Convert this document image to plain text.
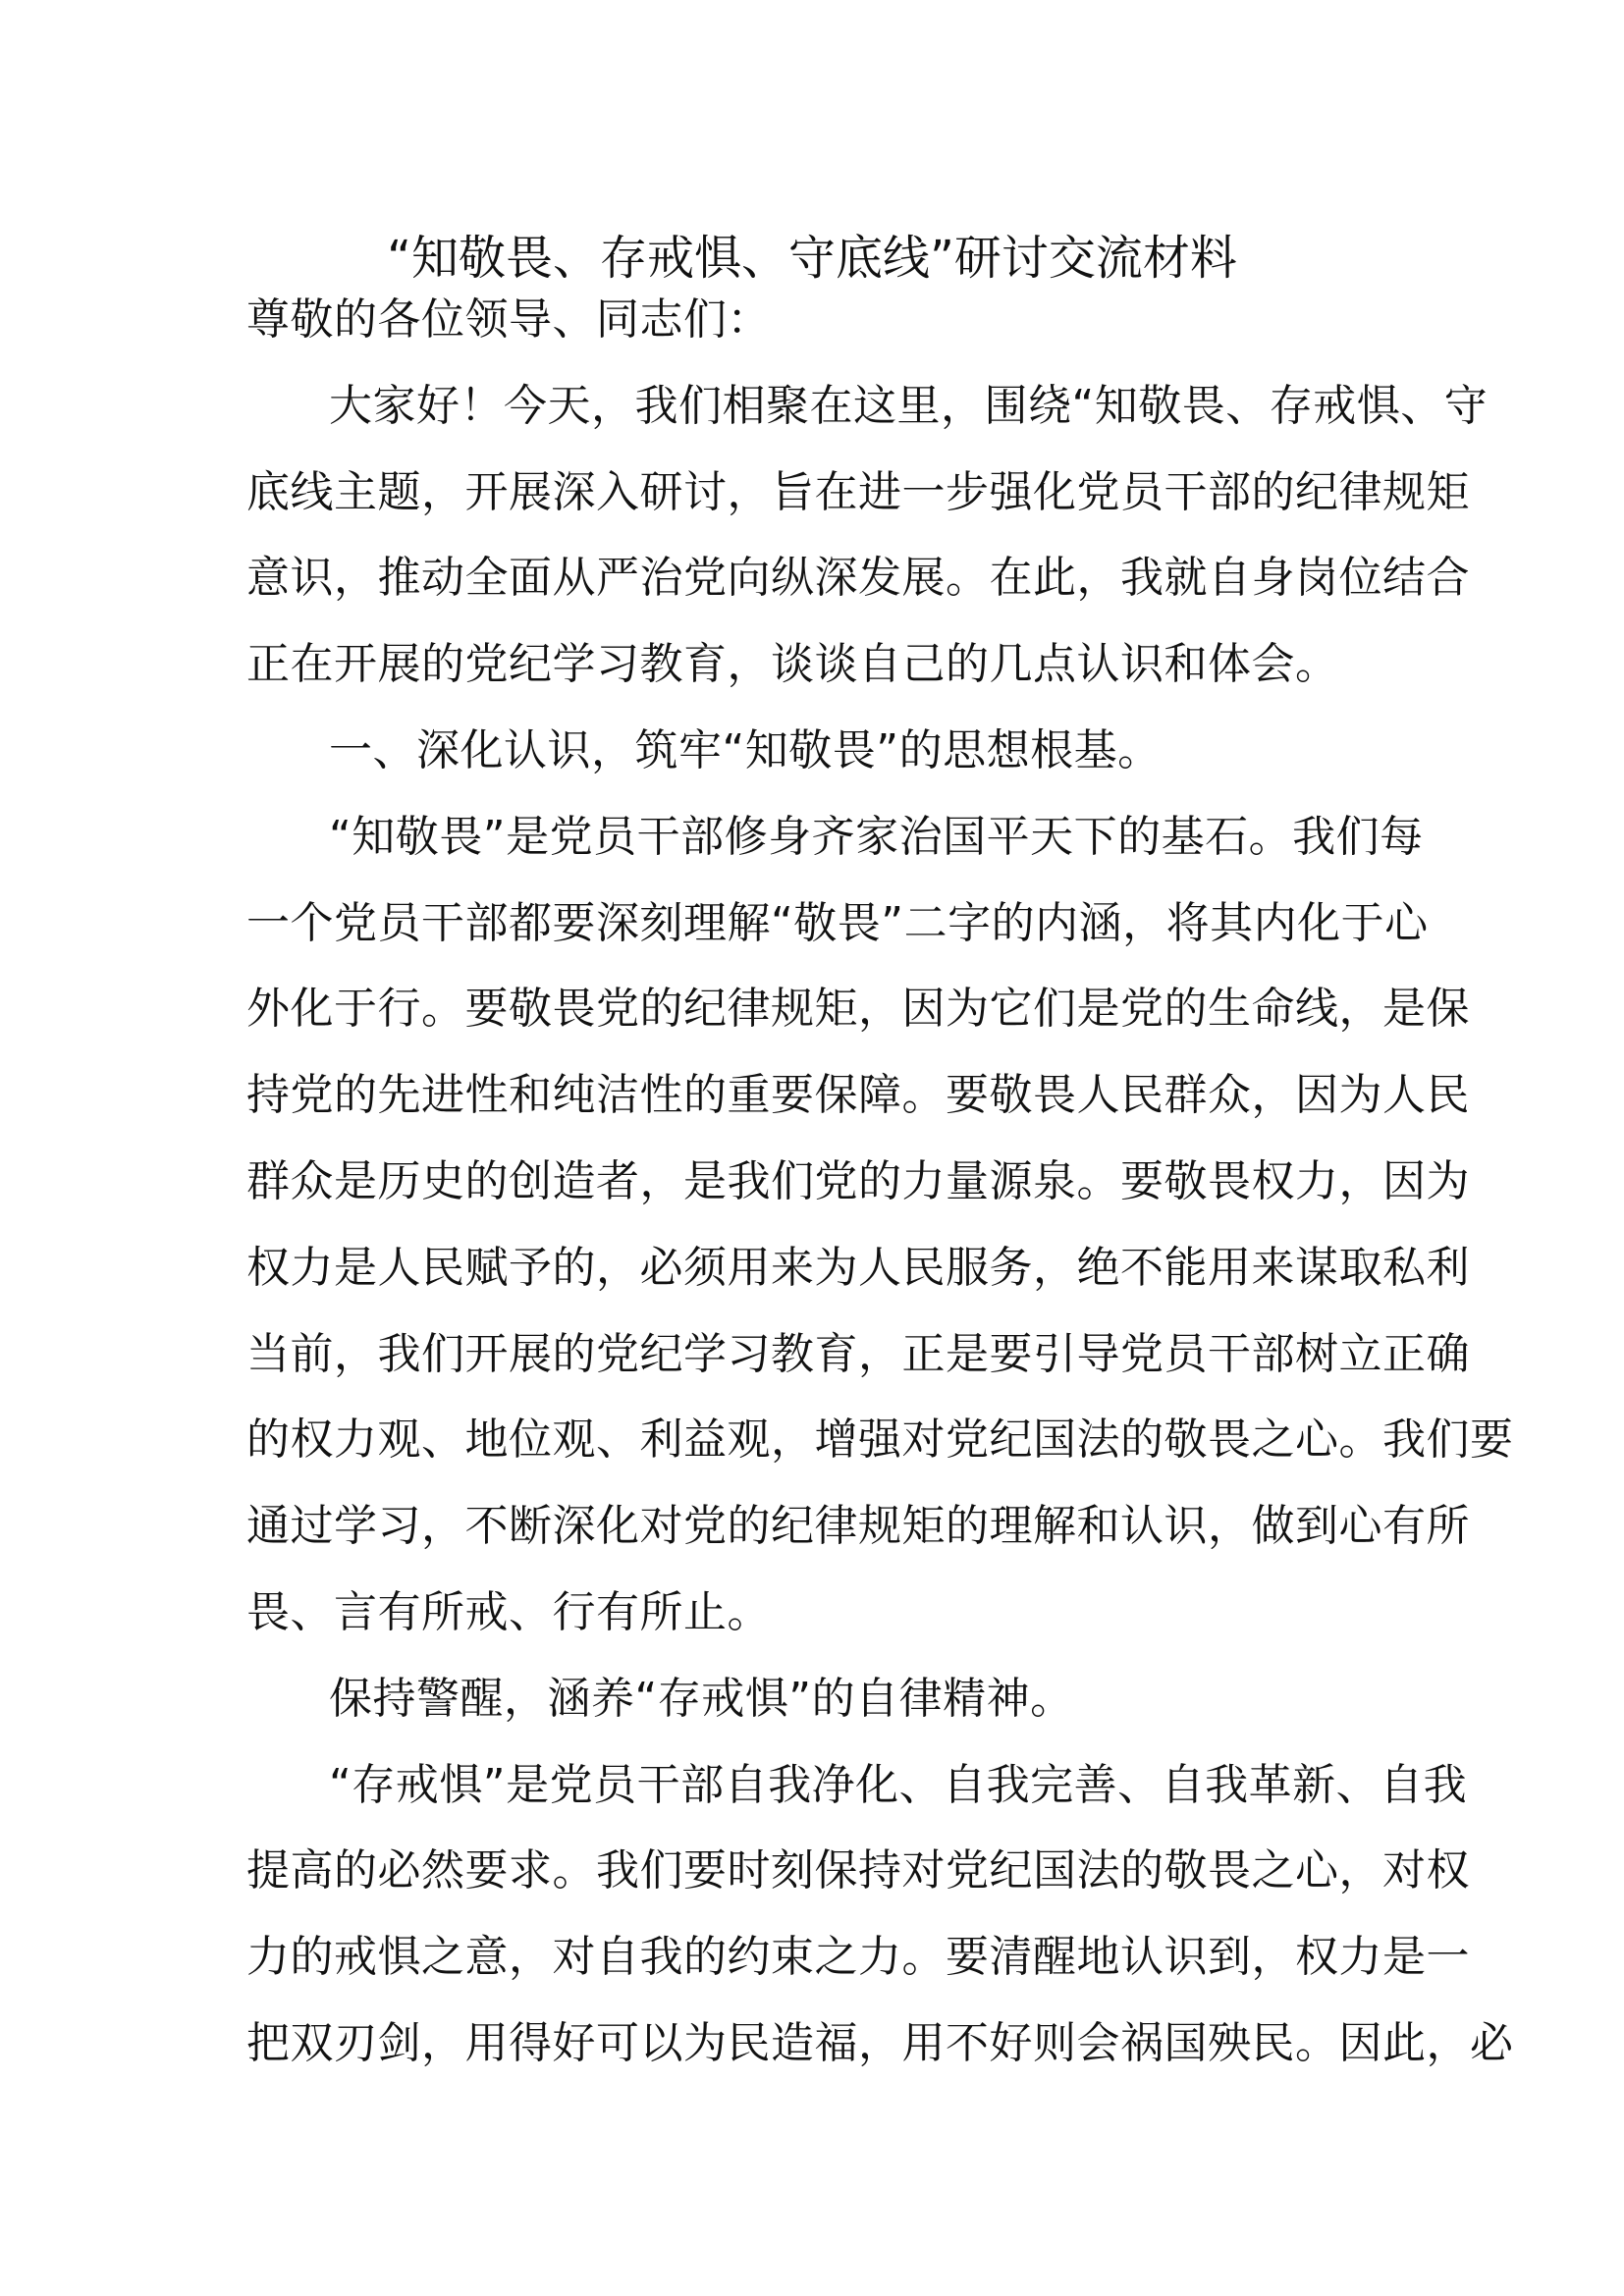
“知敬畏、存戒惧、守底线”研讨交流材料
尊敬的各位领导、同志们：
大家好！今天，我们相聚在这里，围绕“知敬畏、存戒惧、守
底线主题，开展深入研讨，旨在进一步强化党员干部的纪律规矩
意识，推动全面从严治党向纵深发展。在此，我就自身岗位结合
正在开展的党纪学习教育，谈谈自己的几点认识和体会。
一、深化认识，筑牢“知敬畏”的思想根基。
“知敬畏”是党员干部修身齐家治国平天下的基石。我们每
一个党员干部都要深刻理解“敬畏”二字的内涵，将其内化于心
外化于行。要敬畏党的纪律规矩，因为它们是党的生命线，是保
持党的先进性和纯洁性的重要保障。要敬畏人民群众，因为人民
群众是历史的创造者，是我们党的力量源泉。要敬畏权力，因为
权力是人民赋予的，必须用来为人民服务，绝不能用来谋取私利
当前，我们开展的党纪学习教育，正是要引导党员干部树立正确
的权力观、地位观、利益观，增强对党纪国法的敬畏之心。我们要
通过学习，不断深化对党的纪律规矩的理解和认识，做到心有所
畏、言有所戒、行有所止。
保持警醒，涵养“存戒惧”的自律精神。
“存戒惧”是党员干部自我净化、自我完善、自我革新、自我
提高的必然要求。我们要时刻保持对党纪国法的敬畏之心，对权
力的戒惧之意，对自我的约束之力。要清醒地认识到，权力是一
把双刃剑，用得好可以为民造福，用不好则会祸国殃民。因此，必
